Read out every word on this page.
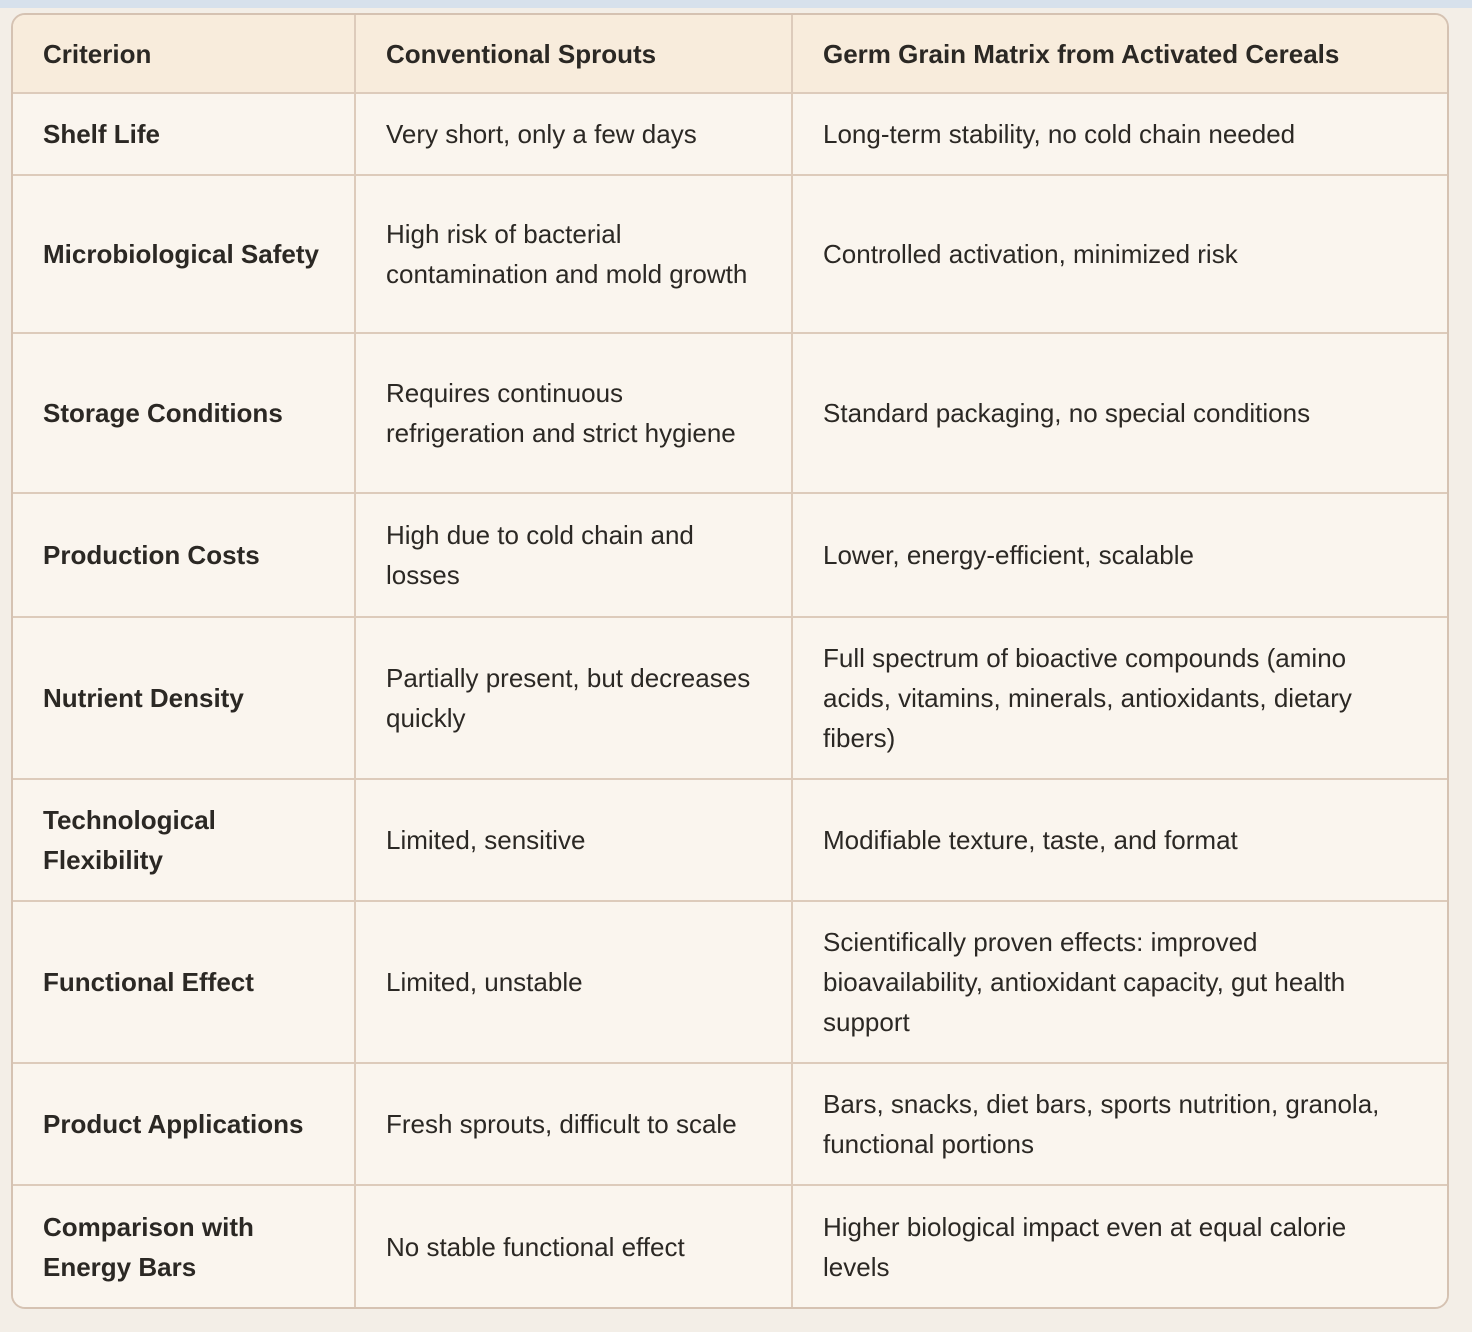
Criterion	Conventional Sprouts	Germ Grain Matrix from Activated Cereals
Shelf Life	Very short, only a few days	Long-term stability, no cold chain needed
Microbiological Safety	High risk of bacterial contamination and mold growth	Controlled activation, minimized risk
Storage Conditions	Requires continuous refrigeration and strict hygiene	Standard packaging, no special conditions
Production Costs	High due to cold chain and losses	Lower, energy-efficient, scalable
Nutrient Density	Partially present, but decreases quickly	Full spectrum of bioactive compounds (amino acids, vitamins, minerals, antioxidants, dietary fibers)
Technological Flexibility	Limited, sensitive	Modifiable texture, taste, and format
Functional Effect	Limited, unstable	Scientifically proven effects: improved bioavailability, antioxidant capacity, gut health support
Product Applications	Fresh sprouts, difficult to scale	Bars, snacks, diet bars, sports nutrition, granola, functional portions
Comparison with Energy Bars	No stable functional effect	Higher biological impact even at equal calorie levels
